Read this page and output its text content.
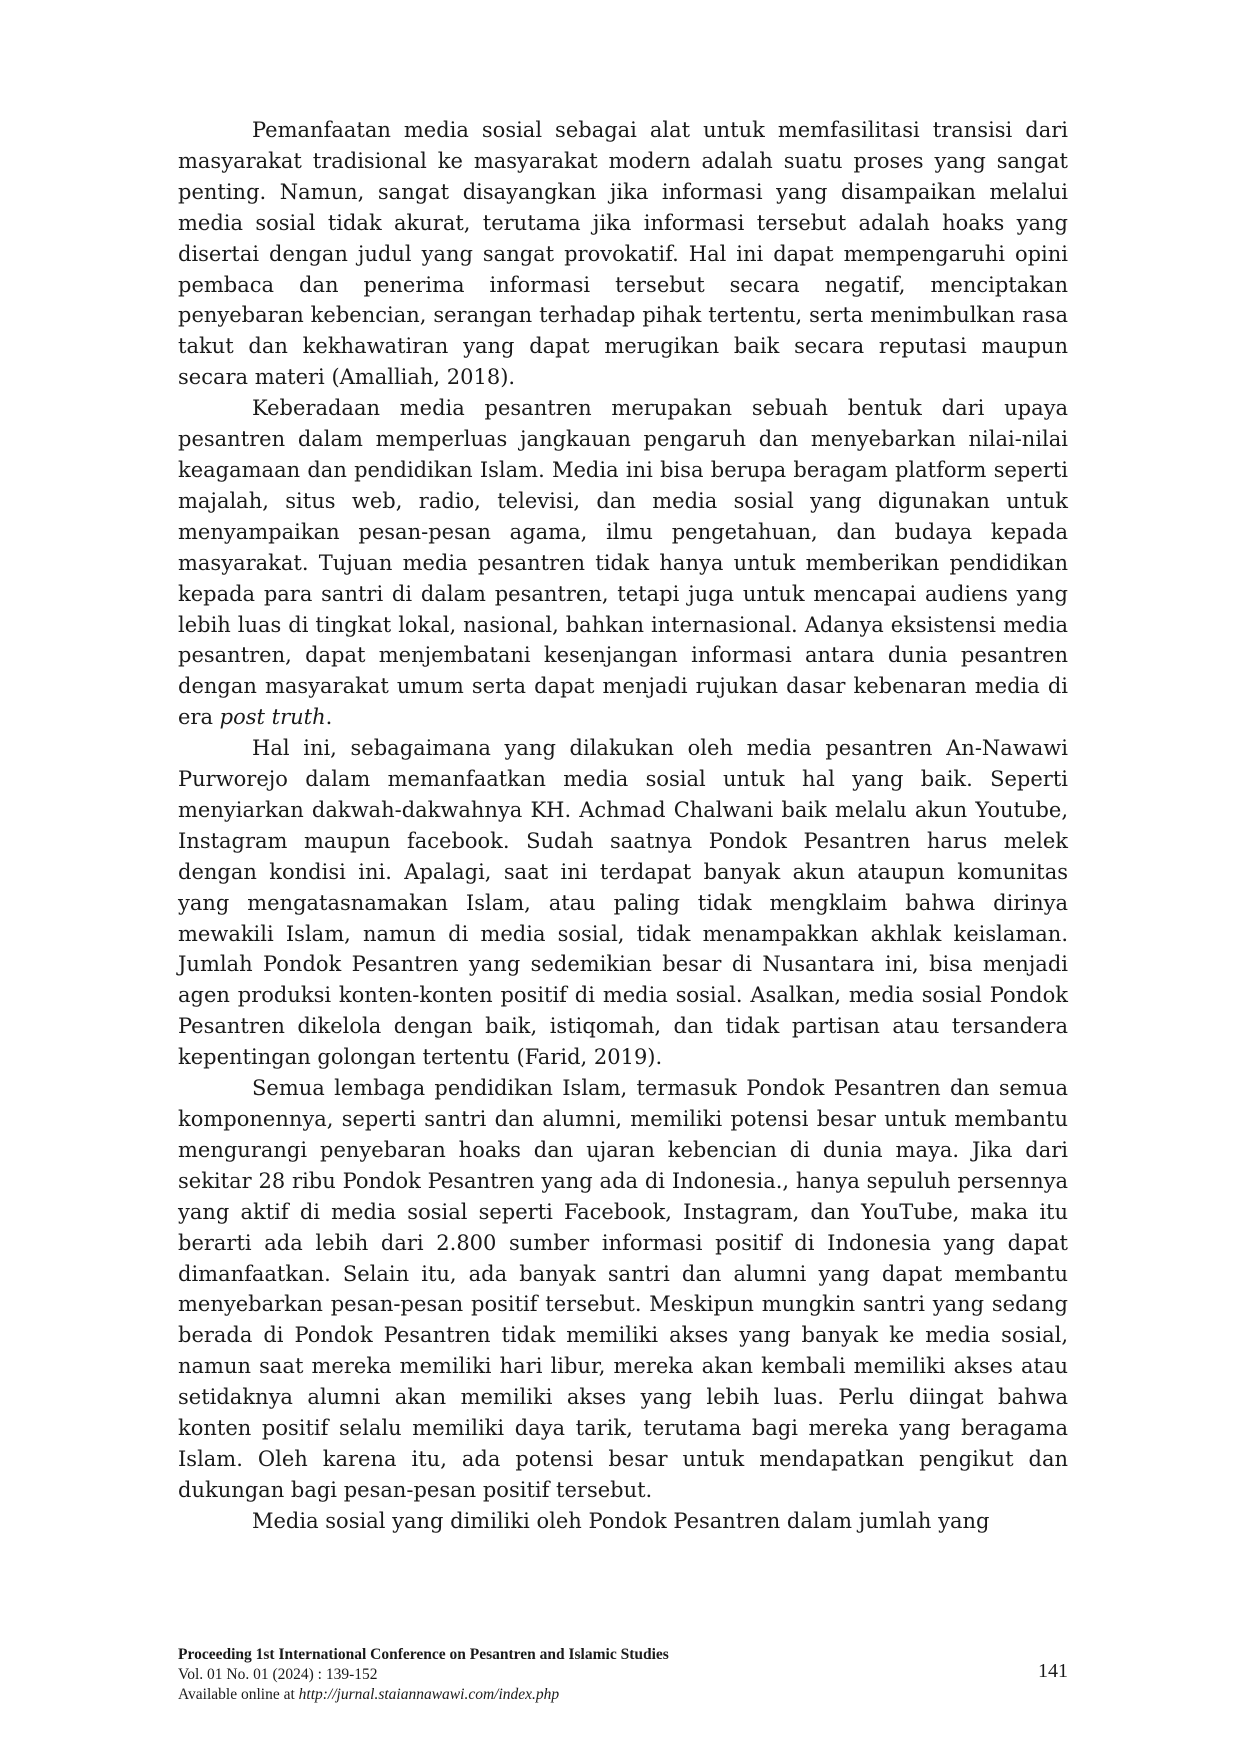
Pemanfaatan media sosial sebagai alat untuk memfasilitasi transisi dari masyarakat tradisional ke masyarakat modern adalah suatu proses yang sangat penting. Namun, sangat disayangkan jika informasi yang disampaikan melalui media sosial tidak akurat, terutama jika informasi tersebut adalah hoaks yang disertai dengan judul yang sangat provokatif. Hal ini dapat mempengaruhi opini pembaca dan penerima informasi tersebut secara negatif, menciptakan penyebaran kebencian, serangan terhadap pihak tertentu, serta menimbulkan rasa takut dan kekhawatiran yang dapat merugikan baik secara reputasi maupun secara materi (Amalliah, 2018).

Keberadaan media pesantren merupakan sebuah bentuk dari upaya pesantren dalam memperluas jangkauan pengaruh dan menyebarkan nilai-nilai keagamaan dan pendidikan Islam. Media ini bisa berupa beragam platform seperti majalah, situs web, radio, televisi, dan media sosial yang digunakan untuk menyampaikan pesan-pesan agama, ilmu pengetahuan, dan budaya kepada masyarakat. Tujuan media pesantren tidak hanya untuk memberikan pendidikan kepada para santri di dalam pesantren, tetapi juga untuk mencapai audiens yang lebih luas di tingkat lokal, nasional, bahkan internasional. Adanya eksistensi media pesantren, dapat menjembatani kesenjangan informasi antara dunia pesantren dengan masyarakat umum serta dapat menjadi rujukan dasar kebenaran media di era post truth.

Hal ini, sebagaimana yang dilakukan oleh media pesantren An-Nawawi Purworejo dalam memanfaatkan media sosial untuk hal yang baik. Seperti menyiarkan dakwah-dakwahnya KH. Achmad Chalwani baik melalu akun Youtube, Instagram maupun facebook. Sudah saatnya Pondok Pesantren harus melek dengan kondisi ini. Apalagi, saat ini terdapat banyak akun ataupun komunitas yang mengatasnamakan Islam, atau paling tidak mengklaim bahwa dirinya mewakili Islam, namun di media sosial, tidak menampakkan akhlak keislaman. Jumlah Pondok Pesantren yang sedemikian besar di Nusantara ini, bisa menjadi agen produksi konten-konten positif di media sosial. Asalkan, media sosial Pondok Pesantren dikelola dengan baik, istiqomah, dan tidak partisan atau tersandera kepentingan golongan tertentu (Farid, 2019).

Semua lembaga pendidikan Islam, termasuk Pondok Pesantren dan semua komponennya, seperti santri dan alumni, memiliki potensi besar untuk membantu mengurangi penyebaran hoaks dan ujaran kebencian di dunia maya. Jika dari sekitar 28 ribu Pondok Pesantren yang ada di Indonesia., hanya sepuluh persennya yang aktif di media sosial seperti Facebook, Instagram, dan YouTube, maka itu berarti ada lebih dari 2.800 sumber informasi positif di Indonesia yang dapat dimanfaatkan. Selain itu, ada banyak santri dan alumni yang dapat membantu menyebarkan pesan-pesan positif tersebut. Meskipun mungkin santri yang sedang berada di Pondok Pesantren tidak memiliki akses yang banyak ke media sosial, namun saat mereka memiliki hari libur, mereka akan kembali memiliki akses atau setidaknya alumni akan memiliki akses yang lebih luas. Perlu diingat bahwa konten positif selalu memiliki daya tarik, terutama bagi mereka yang beragama Islam. Oleh karena itu, ada potensi besar untuk mendapatkan pengikut dan dukungan bagi pesan-pesan positif tersebut.

Media sosial yang dimiliki oleh Pondok Pesantren dalam jumlah yang

Proceeding 1st International Conference on Pesantren and Islamic Studies
Vol. 01 No. 01 (2024) : 139-152
Available online at http://jurnal.staiannawawi.com/index.php
141
